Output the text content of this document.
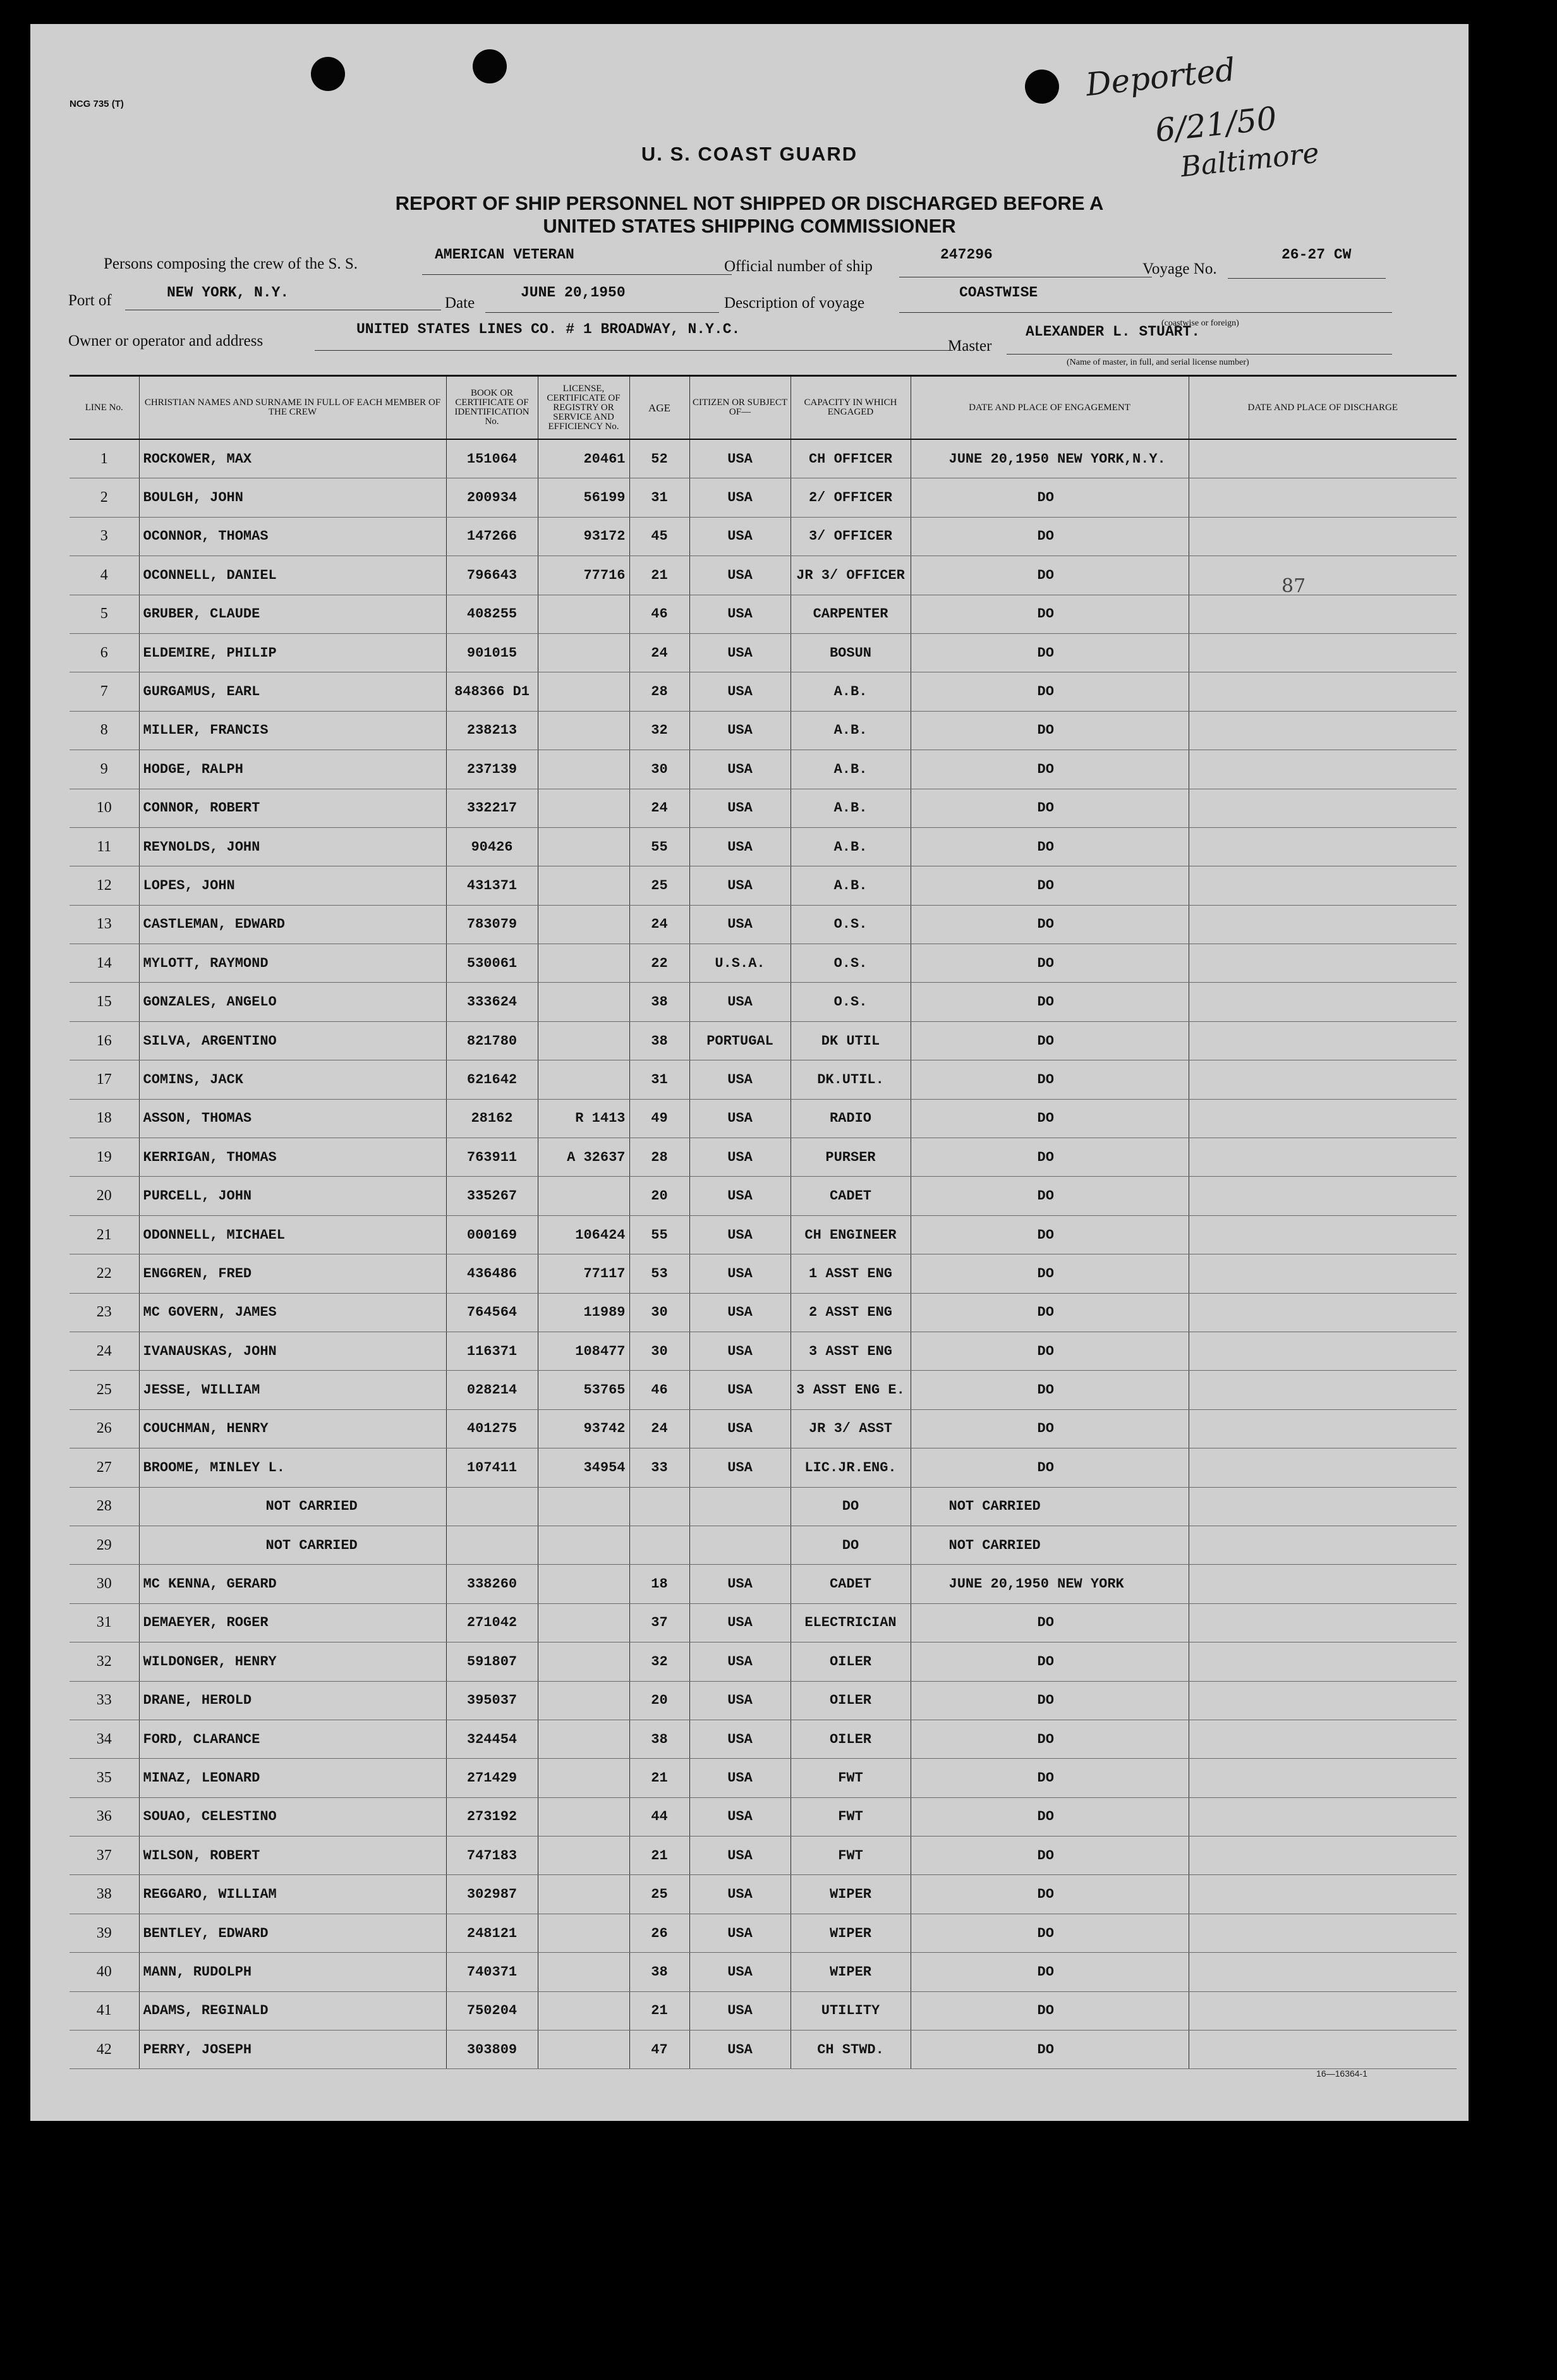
NCG 735 (T)
Deported
6/21/50
Baltimore
U. S. COAST GUARD
REPORT OF SHIP PERSONNEL NOT SHIPPED OR DISCHARGED BEFORE A
UNITED STATES SHIPPING COMMISSIONER
Persons composing the crew of the S. S.
AMERICAN VETERAN
Official number of ship
247296
Voyage No.
26-27 CW
Port of	NEW YORK, N.Y.
Date
JUNE 20,1950
Description of voyage
COASTWISE
(coastwise or foreign)
Owner or operator and address
UNITED STATES LINES CO. # 1 BROADWAY, N.Y.C.
Master
ALEXANDER L. STUART.
(Name of master, in full, and serial license number)
87
LINE No.	CHRISTIAN NAMES AND SURNAME IN FULL OF EACH MEMBER OF THE CREW	BOOK OR CERTIFICATE OF IDENTIFICATION No.	LICENSE, CERTIFICATE OF REGISTRY OR SERVICE AND EFFICIENCY No.	AGE	CITIZEN OR SUBJECT OF—	CAPACITY IN WHICH ENGAGED	DATE AND PLACE OF ENGAGEMENT	DATE AND PLACE OF DISCHARGE
1	ROCKOWER, MAX	151064	20461	52	USA	CH OFFICER	JUNE 20,1950 NEW YORK,N.Y.	
2	BOULGH, JOHN	200934	56199	31	USA	2/ OFFICER	DO	
3	OCONNOR, THOMAS	147266	93172	45	USA	3/ OFFICER	DO	
4	OCONNELL, DANIEL	796643	77716	21	USA	JR 3/ OFFICER	DO	
5	GRUBER, CLAUDE	408255		46	USA	CARPENTER	DO	
6	ELDEMIRE, PHILIP	901015		24	USA	BOSUN	DO	
7	GURGAMUS, EARL	848366 D1		28	USA	A.B.	DO	
8	MILLER, FRANCIS	238213		32	USA	A.B.	DO	
9	HODGE, RALPH	237139		30	USA	A.B.	DO	
10	CONNOR, ROBERT	332217		24	USA	A.B.	DO	
11	REYNOLDS, JOHN	90426		55	USA	A.B.	DO	
12	LOPES, JOHN	431371		25	USA	A.B.	DO	
13	CASTLEMAN, EDWARD	783079		24	USA	O.S.	DO	
14	MYLOTT, RAYMOND	530061		22	U.S.A.	O.S.	DO	
15	GONZALES, ANGELO	333624		38	USA	O.S.	DO	
16	SILVA, ARGENTINO	821780		38	PORTUGAL	DK UTIL	DO	
17	COMINS, JACK	621642		31	USA	DK.UTIL.	DO	
18	ASSON, THOMAS	28162	R 1413	49	USA	RADIO	DO	
19	KERRIGAN, THOMAS	763911	A 32637	28	USA	PURSER	DO	
20	PURCELL, JOHN	335267		20	USA	CADET	DO	
21	ODONNELL, MICHAEL	000169	106424	55	USA	CH ENGINEER	DO	
22	ENGGREN, FRED	436486	77117	53	USA	1 ASST ENG	DO	
23	MC GOVERN, JAMES	764564	11989	30	USA	2 ASST ENG	DO	
24	IVANAUSKAS, JOHN	116371	108477	30	USA	3 ASST ENG	DO	
25	JESSE, WILLIAM	028214	53765	46	USA	3 ASST ENG E.	DO	
26	COUCHMAN, HENRY	401275	93742	24	USA	JR 3/ ASST	DO	
27	BROOME, MINLEY L.	107411	34954	33	USA	LIC.JR.ENG.	DO	
28	NOT CARRIED					DO	NOT CARRIED	
29	NOT CARRIED					DO	NOT CARRIED	
30	MC KENNA, GERARD	338260		18	USA	CADET	JUNE 20,1950 NEW YORK	
31	DEMAEYER, ROGER	271042		37	USA	ELECTRICIAN	DO	
32	WILDONGER, HENRY	591807		32	USA	OILER	DO	
33	DRANE, HEROLD	395037		20	USA	OILER	DO	
34	FORD, CLARANCE	324454		38	USA	OILER	DO	
35	MINAZ, LEONARD	271429		21	USA	FWT	DO	
36	SOUAO, CELESTINO	273192		44	USA	FWT	DO	
37	WILSON, ROBERT	747183		21	USA	FWT	DO	
38	REGGARO, WILLIAM	302987		25	USA	WIPER	DO	
39	BENTLEY, EDWARD	248121		26	USA	WIPER	DO	
40	MANN, RUDOLPH	740371		38	USA	WIPER	DO	
41	ADAMS, REGINALD	750204		21	USA	UTILITY	DO	
42	PERRY, JOSEPH	303809		47	USA	CH STWD.	DO	
16—16364-1
